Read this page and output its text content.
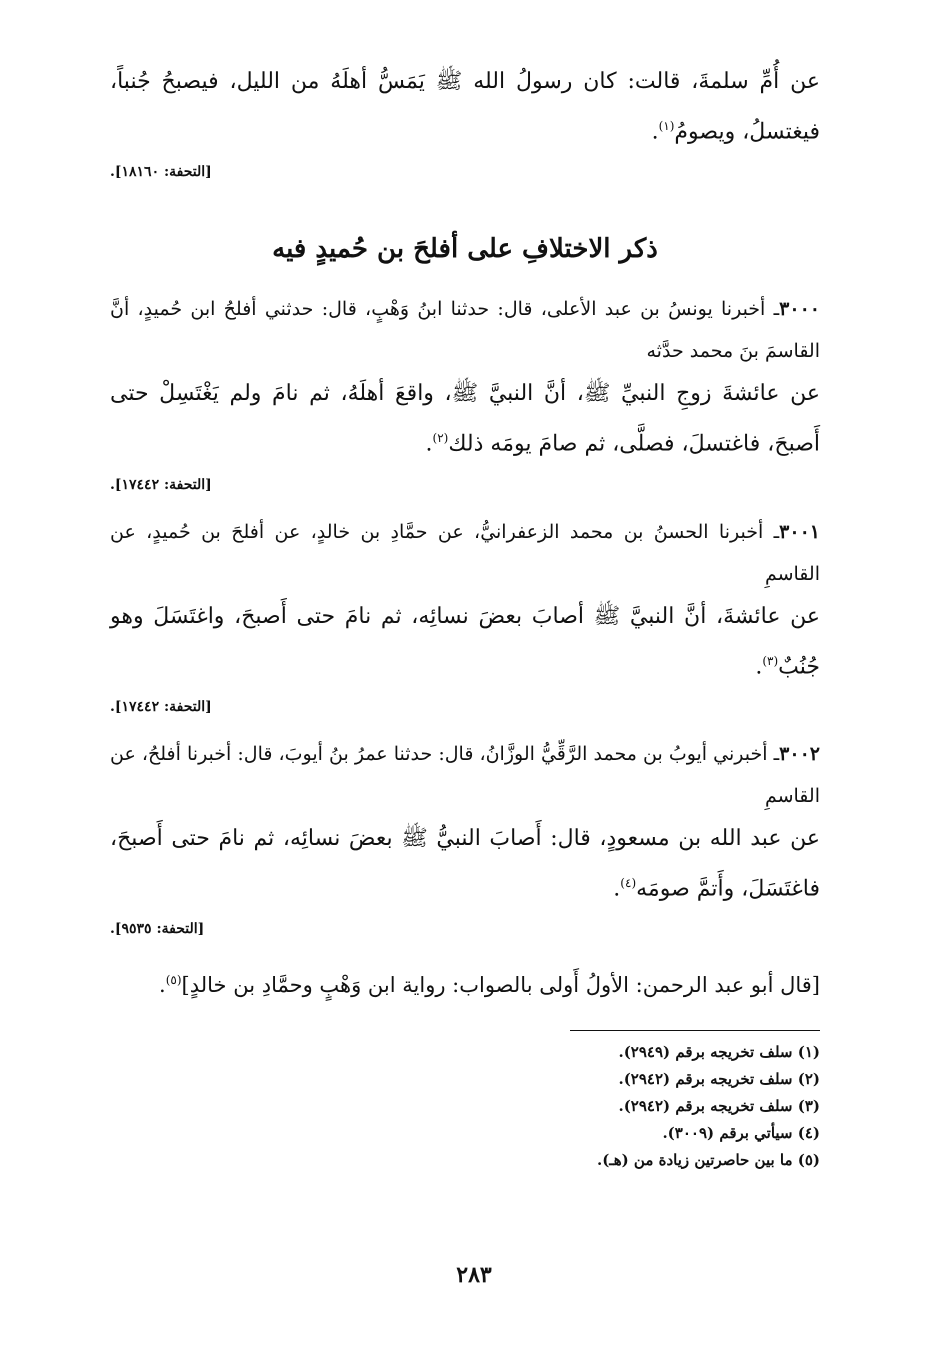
عن أُمِّ سلمةَ، قالت: كان رسولُ الله ﷺ يَمَسُّ أهلَهُ من الليل، فيصبحُ جُنباً، فيغتسلُ، ويصومُ$^{(١)}$.

[التحفة: ١٨١٦٠].

ذكر الاختلافِ على أفلحَ بن حُميدٍ فيه

٣٠٠٠ـ أخبرنا يونسُ بن عبد الأعلى، قال: حدثنا ابنُ وَهْبٍ، قال: حدثني أفلحُ ابن حُميدٍ، أنَّ القاسمَ بنَ محمد حدَّثه

عن عائشةَ زوجِ النبيِّ ﷺ، أنَّ النبيَّ ﷺ، واقعَ أهلَهُ، ثم نامَ ولم يَغْتَسِلْ حتى أَصبحَ، فاغتسلَ، فصلَّى، ثم صامَ يومَه ذلك$^{(٢)}$.

[التحفة: ١٧٤٤٢].

٣٠٠١ـ أخبرنا الحسنُ بن محمد الزعفرانيُّ، عن حمَّادِ بن خالدٍ، عن أفلحَ بن حُميدٍ، عن القاسمِ

عن عائشةَ، أنَّ النبيَّ ﷺ أصابَ بعضَ نسائِه، ثم نامَ حتى أَصبحَ، واغتَسَلَ وهو جُنُبٌ$^{(٣)}$.

[التحفة: ١٧٤٤٢].

٣٠٠٢ـ أخبرني أيوبُ بن محمد الرَّقِّيُّ الوزَّانُ، قال: حدثنا عمرُ بنُ أيوبَ، قال: أخبرنا أفلحُ، عن القاسمِ

عن عبد الله بن مسعودٍ، قال: أَصابَ النبيُّ ﷺ بعضَ نسائِه، ثم نامَ حتى أَصبحَ، فاغتَسَلَ، وأَتمَّ صومَه$^{(٤)}$.

[التحفة: ٩٥٣٥].

[قال أبو عبد الرحمن: الأولُ أَولى بالصواب: رواية ابن وَهْبٍ وحمَّادِ بن خالدٍ]$^{(٥)}$.

(١) سلف تخريجه برقم (٢٩٤٩).

(٢) سلف تخريجه برقم (٢٩٤٢).

(٣) سلف تخريجه برقم (٢٩٤٢).

(٤) سيأتي برقم (٣٠٠٩).

(٥) ما بين حاصرتين زيادة من (هـ).

٢٨٣
